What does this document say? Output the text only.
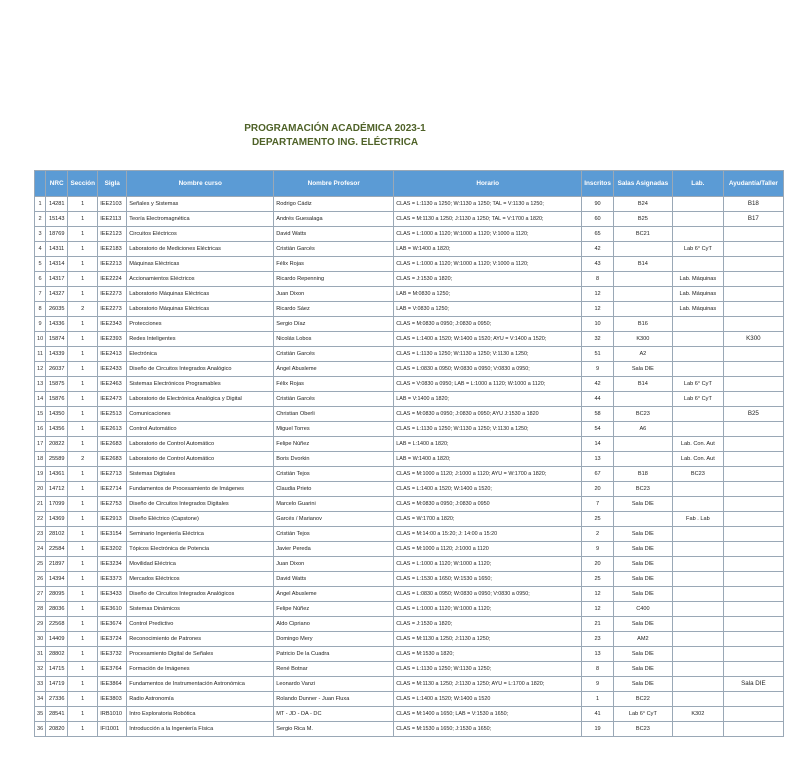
PROGRAMACIÓN ACADÉMICA 2023-1
DEPARTAMENTO ING. ELÉCTRICA
	NRC	Sección	Sigla	Nombre curso	Nombre Profesor	Horario	Inscritos	Salas Asignadas	Lab.	Ayudantía/Taller
1	14281	1	IEE2103	Señales y Sistemas	Rodrigo Cádiz	CLAS = L:1130 a 1250; W:1130 a 1250; TAL = V:1130 a 1250;	90	B24		B18
2	15143	1	IEE2113	Teoría Electromagnética	Andrés Guesalaga	CLAS = M:1130 a 1250; J:1130 a 1250; TAL = V:1700 a 1820;	60	B25		B17
3	18769	1	IEE2123	Circuitos Eléctricos	David Watts	CLAS = L:1000 a 1120; W:1000 a 1120; V:1000 a 1120;	65	BC21		
4	14311	1	IEE2183	Laboratorio de Mediciones Eléctricas	Cristián Garcés	LAB = W:1400 a 1820;	42		Lab 6° CyT	
5	14314	1	IEE2213	Máquinas Eléctricas	Félix Rojas	CLAS = L:1000 a 1120; W:1000 a 1120; V:1000 a 1120;	43	B14		
6	14317	1	IEE2224	Accionamientos Eléctricos	Ricardo Repenning	CLAS = J:1530 a 1820;	8		Lab. Máquinas	
7	14327	1	IEE2273	Laboratorio Máquinas Eléctricas	Juan Dixon	LAB = M:0830 a 1250;	12		Lab. Máquinas	
8	26035	2	IEE2273	Laboratorio Máquinas Eléctricas	Ricardo Sáez	LAB = V:0830 a 1250;	12		Lab. Máquinas	
9	14336	1	IEE2343	Protecciones	Sergio Díaz	CLAS = M:0830 a 0950; J:0830 a 0950;	10	B16		
10	15874	1	IEE2393	Redes Inteligentes	Nicolás Lobos	CLAS = L:1400 a 1520; W:1400 a 1520; AYU = V:1400 a 1520;	32	K300		K300
11	14339	1	IEE2413	Electrónica	Cristián Garcés	CLAS = L:1130 a 1250; W:1130 a 1250; V:1130 a 1250;	51	A2		
12	26037	1	IEE2433	Diseño de Circuitos Integrados Analógico	Ángel Abusleme	CLAS = L:0830 a 0950; W:0830 a 0950; V:0830 a 0950;	9	Sala DIE		
13	15875	1	IEE2463	Sistemas Electrónicos Programables	Félix Rojas	CLAS = V:0830 a 0950; LAB = L:1000 a 1120; W:1000 a 1120;	42	B14	Lab 6° CyT	
14	15876	1	IEE2473	Laboratorio de Electrónica Analógica y Digital	Cristián Garcés	LAB = V:1400 a 1820;	44		Lab 6° CyT	
15	14350	1	IEE2513	Comunicaciones	Christian Oberli	CLAS = M:0830 a 0950; J:0830 a 0950; AYU J:1530 a 1820	58	BC23		B25
16	14356	1	IEE2613	Control Automático	Miguel Torres	CLAS = L:1130 a 1250; W:1130 a 1250; V:1130 a 1250;	54	A6		
17	20822	1	IEE2683	Laboratorio de Control Automático	Felipe Núñez	LAB = L:1400 a 1820;	14		Lab. Con. Aut	
18	25589	2	IEE2683	Laboratorio de Control Automático	Boris Dvorkin	LAB = W:1400 a 1820;	13		Lab. Con. Aut	
19	14361	1	IEE2713	Sistemas Digitales	Cristián Tejos	CLAS = M:1000 a 1120; J:1000 a 1120; AYU = W:1700 a 1820;	67	B18	BC23	
20	14712	1	IEE2714	Fundamentos de Procesamiento de Imágenes	Claudia Prieto	CLAS = L:1400 a 1520; W:1400 a 1520;	20	BC23		
21	17099	1	IEE2753	Diseño de Circuitos Integrados Digitales	Marcelo Guarini	CLAS = M:0830 a 0950; J:0830 a 0950	7	Sala DIE		
22	14369	1	IEE2913	Diseño Eléctrico (Capstone)	Garcés / Marianov	CLAS = W:1700 a 1820;	25		Fab . Lab	
23	28102	1	IEE3154	Seminario Ingeniería Eléctrica	Cristián Tejos	CLAS = M:14:00 a 15:20; J: 14:00 a 15:20	2	Sala DIE		
24	22584	1	IEE3202	Tópicos Electrónica de Potencia	Javier Pereda	CLAS = M:1000 a 1120; J:1000 a 1120	9	Sala DIE		
25	21897	1	IEE3234	Movilidad Eléctrica	Juan Dixon	CLAS = L:1000 a 1120; W:1000 a 1120;	20	Sala DIE		
26	14394	1	IEE3373	Mercados Eléctricos	David Watts	CLAS = L:1530 a 1650; W:1530 a 1650;	25	Sala DIE		
27	28095	1	IEE3433	Diseño de Circuitos Integrados Analógicos	Ángel Abusleme	CLAS = L:0830 a 0950; W:0830 a 0950; V:0830 a 0950;	12	Sala DIE		
28	28036	1	IEE3610	Sistemas Dinámicos	Felipe Núñez	CLAS = L:1000 a 1120; W:1000 a 1120;	12	C400		
29	22568	1	IEE3674	Control Predictivo	Aldo Cipriano	CLAS = J:1530 a 1820;	21	Sala DIE		
30	14409	1	IEE3724	Reconocimiento de Patrones	Domingo Mery	CLAS = M:1130 a 1250; J:1130 a 1250;	23	AM2		
31	28802	1	IEE3732	Procesamiento Digital de Señales	Patricio De la Cuadra	CLAS = M:1530 a 1820;	13	Sala DIE		
32	14715	1	IEE3764	Formación de Imágenes	René Botnar	CLAS = L:1130 a 1250; W:1130 a 1250;	8	Sala DIE		
33	14719	1	IEE3864	Fundamentos de Instrumentación Astronómica	Leonardo Vanzi	CLAS = M:1130 a 1250; J:1130 a 1250; AYU = L:1700 a 1820;	9	Sala DIE		Sala DIE
34	27336	1	IEE3803	Radio Astronomía	Rolando Dunner - Juan Fluxa	CLAS = L:1400 a 1520; W:1400 a 1520	1	BC22		
35	28541	1	IRB1010	Intro Exploratoria Robótica	MT - JD - DA - DC	CLAS = M:1400 a 1650; LAB = V:1530 a 1650;	41	Lab 6° CyT	K302	
36	20820	1	IFI1001	Introducción a la Ingeniería Física	Sergio Rica M.	CLAS = M:1530 a 1650; J:1530 a 1650;	19	BC23		
